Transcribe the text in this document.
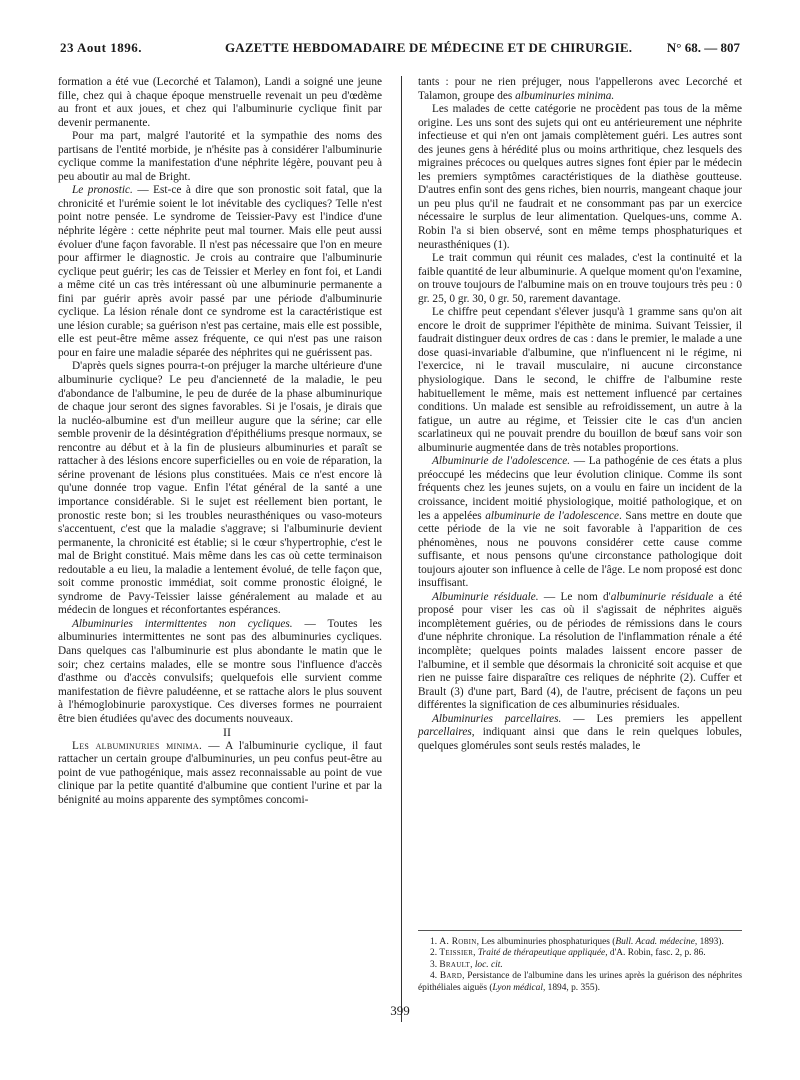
23 Aout 1896.	GAZETTE HEBDOMADAIRE DE MÉDECINE ET DE CHIRURGIE.	N° 68. — 807

formation a été vue (Lecorché et Talamon), Landi a soigné une jeune fille, chez qui à chaque époque menstruelle revenait un peu d'œdème au front et aux joues, et chez qui l'albuminurie cyclique finit par devenir permanente.

Pour ma part, malgré l'autorité et la sympathie des noms des partisans de l'entité morbide, je n'hésite pas à considérer l'albuminurie cyclique comme la manifestation d'une néphrite légère, pouvant peu à peu aboutir au mal de Bright.

Le pronostic. — Est-ce à dire que son pronostic soit fatal, que la chronicité et l'urémie soient le lot inévitable des cycliques? Telle n'est point notre pensée. Le syndrome de Teissier-Pavy est l'indice d'une néphrite légère : cette néphrite peut mal tourner. Mais elle peut aussi évoluer d'une façon favorable. Il n'est pas nécessaire que l'on en meure pour affirmer le diagnostic. Je crois au contraire que l'albuminurie cyclique peut guérir; les cas de Teissier et Merley en font foi, et Landi a même cité un cas très intéressant où une albuminurie permanente a fini par guérir après avoir passé par une période d'albuminurie cyclique. La lésion rénale dont ce syndrome est la caractéristique est une lésion curable; sa guérison n'est pas certaine, mais elle est possible, elle est peut-être même assez fréquente, ce qui n'est pas une raison pour en faire une maladie séparée des néphrites qui ne guérissent pas.

D'après quels signes pourra-t-on préjuger la marche ultérieure d'une albuminurie cyclique? Le peu d'ancienneté de la maladie, le peu d'abondance de l'albumine, le peu de durée de la phase albuminurique de chaque jour seront des signes favorables. Si je l'osais, je dirais que la nucléo-albumine est d'un meilleur augure que la sérine; car elle semble provenir de la désintégration d'épithéliums presque normaux, se rencontre au début et à la fin de plusieurs albuminuries et paraît se rattacher à des lésions encore superficielles ou en voie de réparation, la sérine provenant de lésions plus constituées. Mais ce n'est encore là qu'une donnée trop vague. Enfin l'état général de la santé a une importance considérable. Si le sujet est réellement bien portant, le pronostic reste bon; si les troubles neurasthéniques ou vaso-moteurs s'accentuent, c'est que la maladie s'aggrave; si l'albuminurie devient permanente, la chronicité est établie; si le cœur s'hypertrophie, c'est le mal de Bright constitué. Mais même dans les cas où cette terminaison redoutable a eu lieu, la maladie a lentement évolué, de telle façon que, soit comme pronostic immédiat, soit comme pronostic éloigné, le syndrome de Pavy-Teissier laisse généralement au malade et au médecin de longues et réconfortantes espérances.

Albuminuries intermittentes non cycliques. — Toutes les albuminuries intermittentes ne sont pas des albuminuries cycliques. Dans quelques cas l'albuminurie est plus abondante le matin que le soir; chez certains malades, elle se montre sous l'influence d'accès d'asthme ou d'accès convulsifs; quelquefois elle survient comme manifestation de fièvre paludéenne, et se rattache alors le plus souvent à l'hémoglobinurie paroxystique. Ces diverses formes ne pourraient être bien étudiées qu'avec des documents nouveaux.

II

Les albuminuries minima. — A l'albuminurie cyclique, il faut rattacher un certain groupe d'albuminuries, un peu confus peut-être au point de vue pathogénique, mais assez reconnaissable au point de vue clinique par la petite quantité d'albumine que contient l'urine et par la bénignité au moins apparente des symptômes concomi-

tants : pour ne rien préjuger, nous l'appellerons avec Lecorché et Talamon, groupe des albuminuries minima.

Les malades de cette catégorie ne procèdent pas tous de la même origine. Les uns sont des sujets qui ont eu antérieurement une néphrite infectieuse et qui n'en ont jamais complètement guéri. Les autres sont des jeunes gens à hérédité plus ou moins arthritique, chez lesquels des migraines précoces ou quelques autres signes font épier par le médecin les premiers symptômes caractéristiques de la diathèse goutteuse. D'autres enfin sont des gens riches, bien nourris, mangeant chaque jour un peu plus qu'il ne faudrait et ne consommant pas par un exercice nécessaire le surplus de leur alimentation. Quelques-uns, comme A. Robin l'a si bien observé, sont en même temps phosphaturiques et neurasthéniques (1).

Le trait commun qui réunit ces malades, c'est la continuité et la faible quantité de leur albuminurie. A quelque moment qu'on l'examine, on trouve toujours de l'albumine mais on en trouve toujours très peu : 0 gr. 25, 0 gr. 30, 0 gr. 50, rarement davantage.

Le chiffre peut cependant s'élever jusqu'à 1 gramme sans qu'on ait encore le droit de supprimer l'épithète de minima. Suivant Teissier, il faudrait distinguer deux ordres de cas : dans le premier, le malade a une dose quasi-invariable d'albumine, que n'influencent ni le régime, ni l'exercice, ni le travail musculaire, ni aucune circonstance physiologique. Dans le second, le chiffre de l'albumine reste habituellement le même, mais est nettement influencé par certaines conditions. Un malade est sensible au refroidissement, un autre à la fatigue, un autre au régime, et Teissier cite le cas d'un ancien scarlatineux qui ne pouvait prendre du bouillon de bœuf sans voir son albuminurie augmentée dans de très notables proportions.

Albuminurie de l'adolescence. — La pathogénie de ces états a plus préoccupé les médecins que leur évolution clinique. Comme ils sont fréquents chez les jeunes sujets, on a voulu en faire un incident de la croissance, incident moitié physiologique, moitié pathologique, et on les a appelées albuminurie de l'adolescence. Sans mettre en doute que cette période de la vie ne soit favorable à l'apparition de ces phénomènes, nous ne pouvons considérer cette cause comme suffisante, et nous pensons qu'une circonstance pathologique doit toujours ajouter son influence à celle de l'âge. Le nom proposé est donc insuffisant.

Albuminurie résiduale. — Le nom d'albuminurie résiduale a été proposé pour viser les cas où il s'agissait de néphrites aiguës incomplètement guéries, ou de périodes de rémissions dans le cours d'une néphrite chronique. La résolution de l'inflammation rénale a été incomplète; quelques points malades laissent encore passer de l'albumine, et il semble que désormais la chronicité soit acquise et que rien ne puisse faire disparaître ces reliques de néphrite (2). Cuffer et Brault (3) d'une part, Bard (4), de l'autre, précisent de façons un peu différentes la signification de ces albuminuries résiduales.

Albuminuries parcellaires. — Les premiers les appellent parcellaires, indiquant ainsi que dans le rein quelques lobules, quelques glomérules sont seuls restés malades, le

1. A. Robin, Les albuminuries phosphaturiques (Bull. Acad. médecine, 1893).

2. Teissier, Traité de thérapeutique appliquée, d'A. Robin, fasc. 2, p. 86.

3. Brault, loc. cit.

4. Bard, Persistance de l'albumine dans les urines après la guérison des néphrites épithéliales aiguës (Lyon médical, 1894, p. 355).

399
